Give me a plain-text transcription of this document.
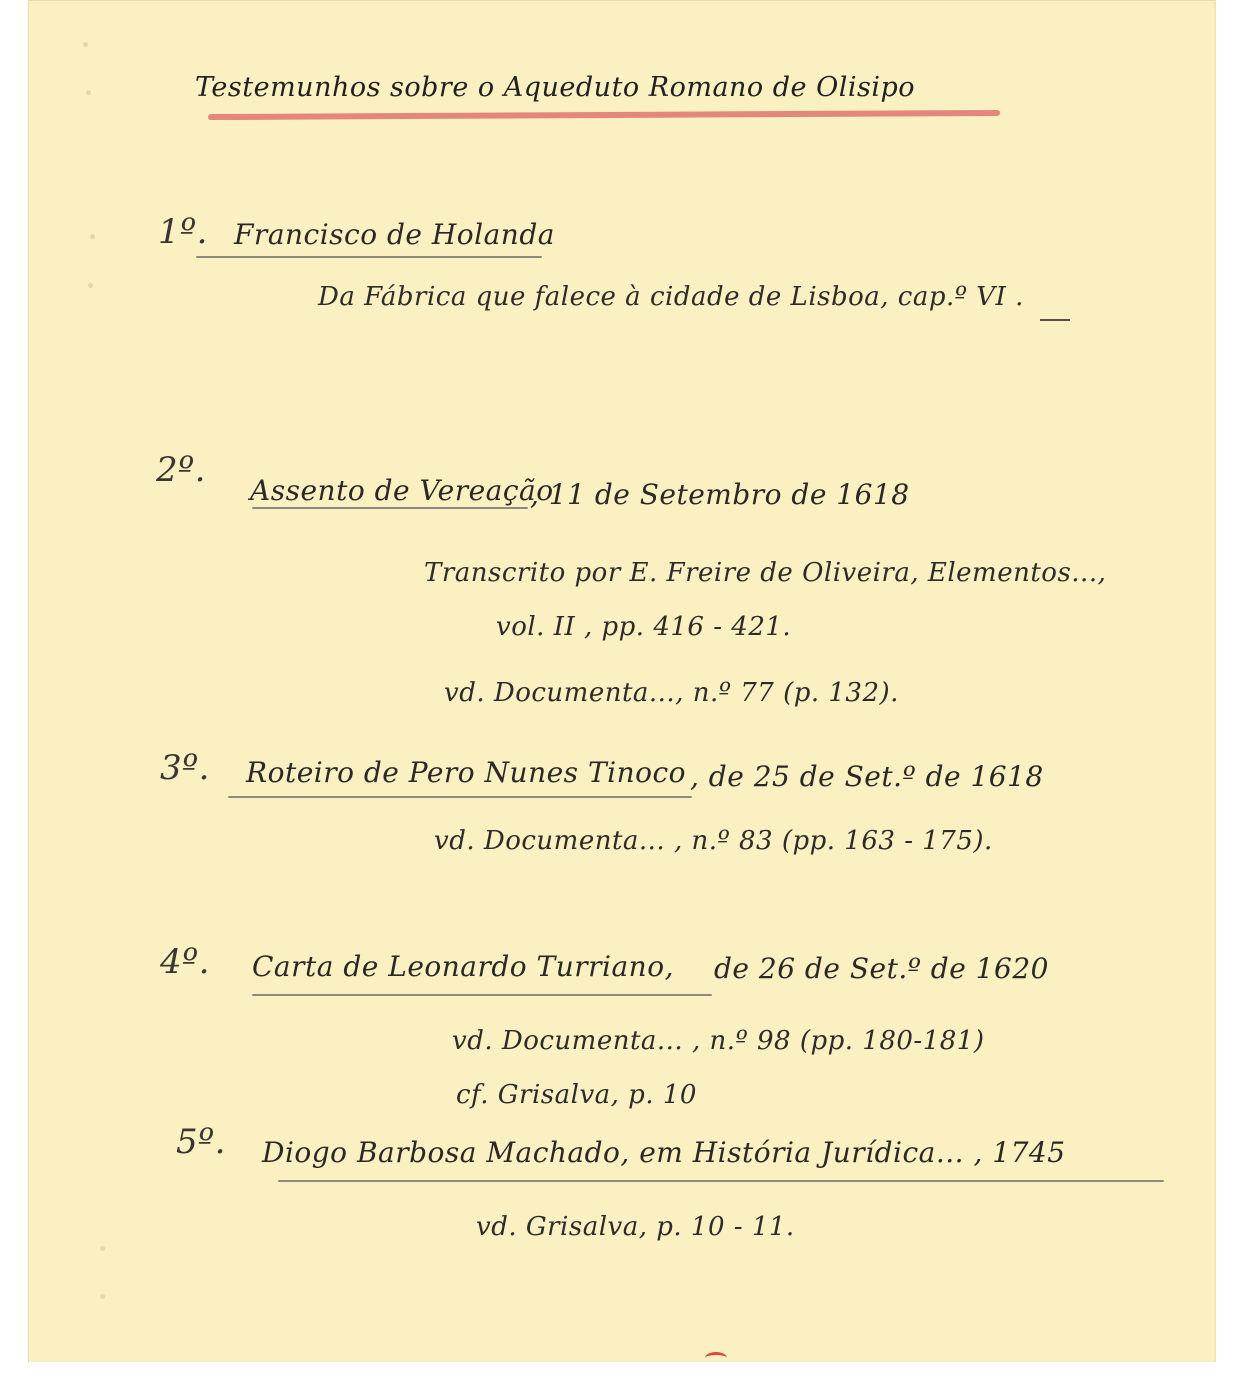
Testemunhos sobre o Aqueduto Romano de Olisipo
1º. Francisco de Holanda
Da Fábrica que falece à cidade de Lisboa, cap.º VI .
2º.
Assento de Vereação
, 11 de Setembro de 1618
Transcrito por E. Freire de Oliveira, Elementos...,
vol. II , pp. 416 - 421.
vd. Documenta..., n.º 77 (p. 132).
3º. Roteiro de Pero Nunes Tinoco , de 25 de Set.º de 1618
vd. Documenta... , n.º 83 (pp. 163 - 175).
4º. Carta de Leonardo Turriano, de 26 de Set.º de 1620
vd. Documenta... , n.º 98 (pp. 180-181)
cf. Grisalva, p. 10
5º. Diogo Barbosa Machado, em História Jurídica... , 1745
vd. Grisalva, p. 10 - 11.
